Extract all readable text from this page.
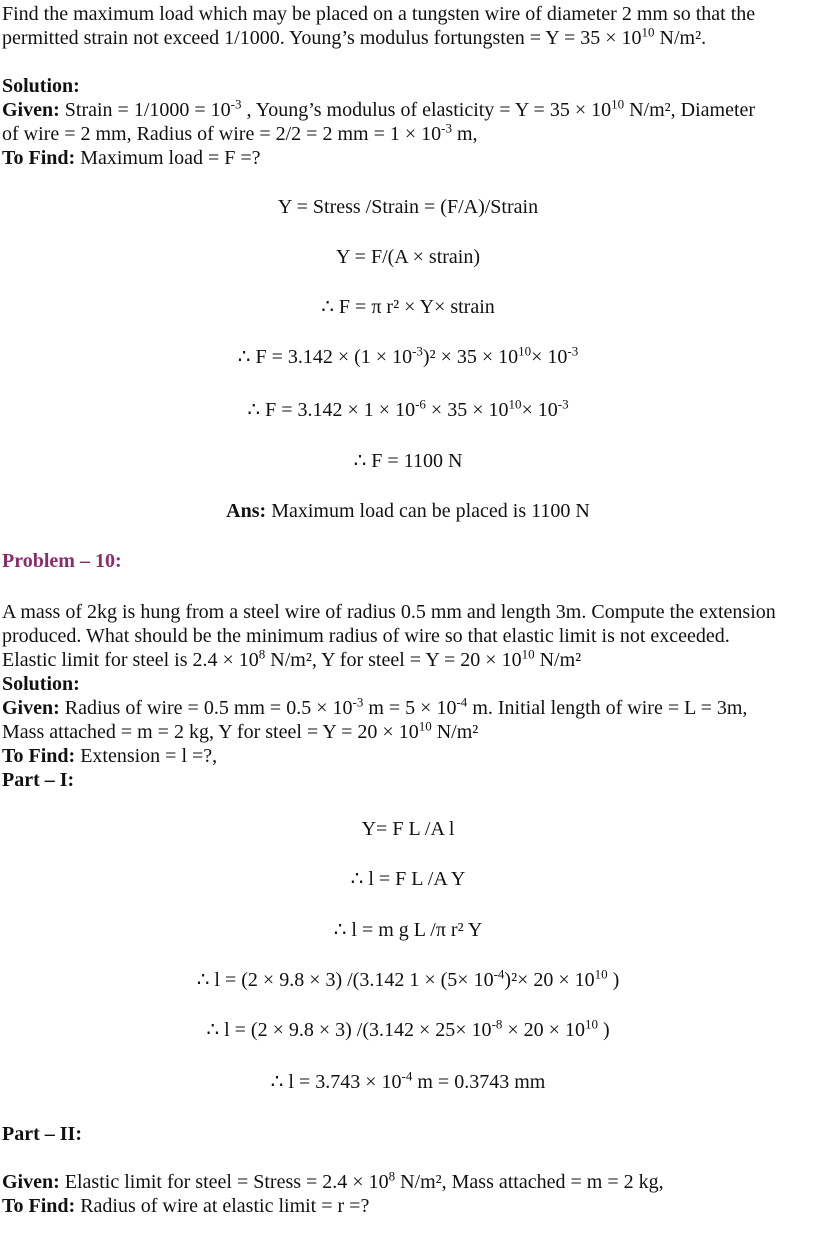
Find the maximum load which may be placed on a tungsten wire of diameter 2 mm so that the
permitted strain not exceed 1/1000. Young’s modulus fortungsten = $Y = 35 \times 10^{10}$ N/m².
Solution:
Given: Strain = $1/1000 = 10^{-3}$ , Young’s modulus of elasticity = $Y = 35 \times 10^{10}$ N/m², Diameter
of wire = 2 mm, Radius of wire = 2/2 = 2 mm = $1 \times 10^{-3}$ m,
To Find: Maximum load = F =?
Y = Stress /Strain = (F/A)/Strain
Y = F/(A × strain)
∴ F = π r² × Y× strain
∴ $F = 3.142 \times (1 \times 10^{-3})^2 \times 35 \times 10^{10}\times 10^{-3}$
∴ $F = 3.142 \times 1 \times 10^{-6} \times 35 \times 10^{10}\times 10^{-3}$
∴ F = 1100 N
Ans: Maximum load can be placed is 1100 N
Problem – 10:
A mass of 2kg is hung from a steel wire of radius 0.5 mm and length 3m. Compute the extension
produced. What should be the minimum radius of wire so that elastic limit is not exceeded.
Elastic limit for steel is $2.4 \times 10^8$ N/m², Y for steel = $Y = 20 \times 10^{10}$ N/m²
Solution:
Given: Radius of wire = 0.5 mm = $0.5 \times 10^{-3}$ $m = 5 \times 10^{-4}$ m. Initial length of wire = L = 3m,
Mass attached = m = 2 kg, Y for steel = $Y = 20 \times 10^{10}$ N/m²
To Find: Extension = l =?,
Part – I:
Y= F L /A l
∴ l = F L /A Y
∴ l = m g L /π r² Y
∴ l = (2 × 9.8 × 3) /(3.142 $1 \times (5\times 10^{-4})^2\times 20 \times 10^{10}$ )
∴ l = (2 × 9.8 × 3) $/(3.142 \times 25\times 10^{-8} \times 20 \times 10^{10}$ )
∴ $l = 3.743 \times 10^{-4}$ m = 0.3743 mm
Part – II:
Given: Elastic limit for steel = Stress = $2.4 \times 10^8$ N/m², Mass attached = m = 2 kg,
To Find: Radius of wire at elastic limit = r =?
